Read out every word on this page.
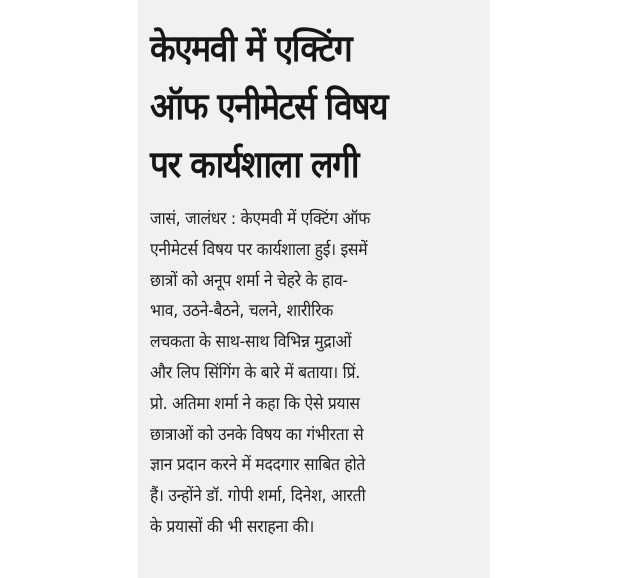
केएमवी में एक्टिंग
ऑफ एनीमेटर्स विषय
पर कार्यशाला लगी
जासं, जालंधर : केएमवी में एक्टिंग ऑफ
एनीमेटर्स विषय पर कार्यशाला हुई। इसमें
छात्रों को अनूप शर्मा ने चेहरे के हाव-
भाव, उठने-बैठने, चलने, शारीरिक
लचकता के साथ-साथ विभिन्न मुद्राओं
और लिप सिंगिंग के बारे में बताया। प्रिं.
प्रो. अतिमा शर्मा ने कहा कि ऐसे प्रयास
छात्राओं को उनके विषय का गंभीरता से
ज्ञान प्रदान करने में मददगार साबित होते
हैं। उन्होंने डॉ. गोपी शर्मा, दिनेश, आरती
के प्रयासों की भी सराहना की।
